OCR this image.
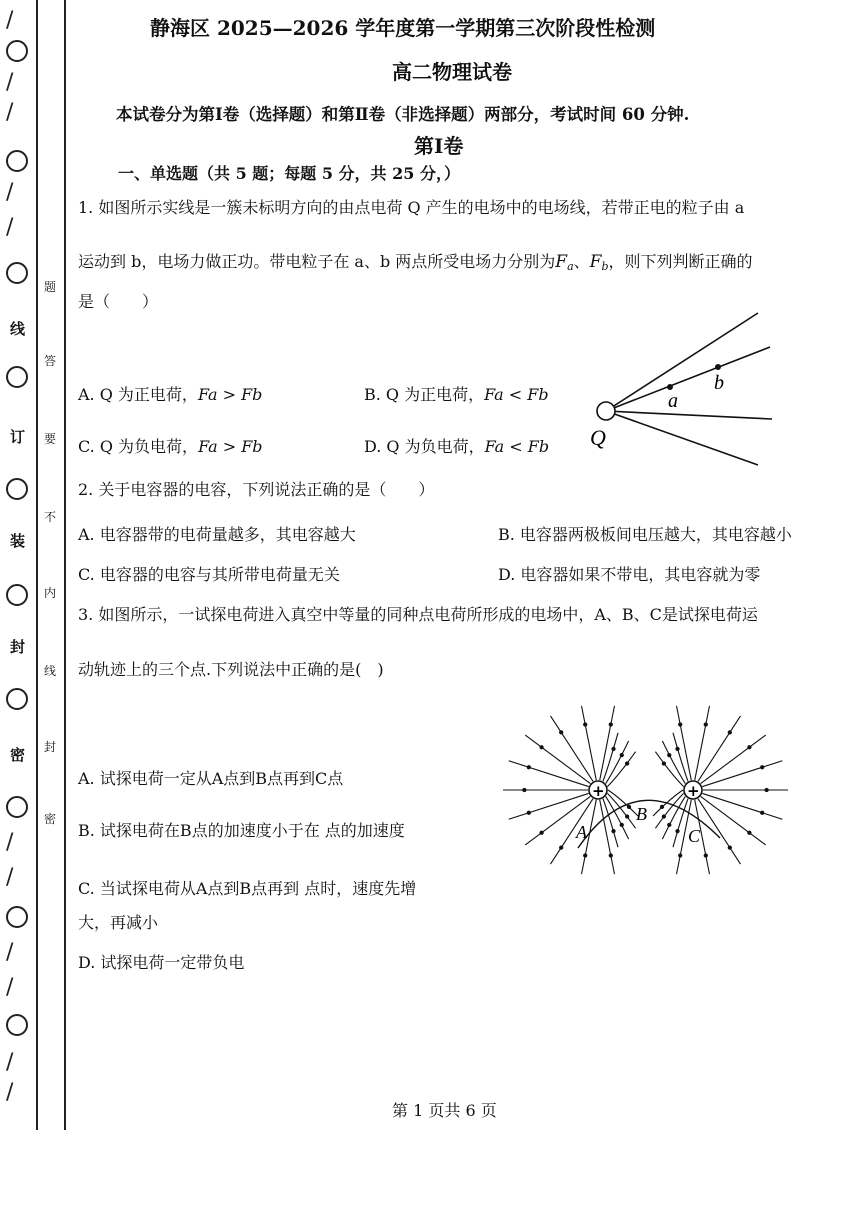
/
/
/
/
/
/
/
/
/
/
/
线
订
装
封
密
题
答
要
不
内
线
封
密
静海区 2025—2026 学年度第一学期第三次阶段性检测
高二物理试卷
本试卷分为第Ⅰ卷（选择题）和第Ⅱ卷（非选择题）两部分，考试时间 60 分钟.
第Ⅰ卷
一、单选题（共 5 题；每题 5 分，共 25 分，）
1. 如图所示实线是一簇未标明方向的由点电荷 Q 产生的电场中的电场线，若带正电的粒子由 a
运动到 b，电场力做正功。带电粒子在 a、b 两点所受电场力分别为$F_a$、$F_b$，则下列判断正确的
是（　　）
A. Q 为正电荷，Fa > Fb	B. Q 为正电荷，Fa < Fb
C. Q 为负电荷，Fa > Fb	D. Q 为负电荷，Fa < Fb
a
b
Q
2. 关于电容器的电容，下列说法正确的是（　　）
A. 电容器带的电荷量越多，其电容越大	B. 电容器两极板间电压越大，其电容越小
C. 电容器的电容与其所带电荷量无关	D. 电容器如果不带电，其电容就为零
3. 如图所示，一试探电荷进入真空中等量的同种点电荷所形成的电场中，A、B、C是试探电荷运
动轨迹上的三个点.下列说法中正确的是(　)
A. 试探电荷一定从A点到B点再到C点
B. 试探电荷在B点的加速度小于在 点的加速度
C. 当试探电荷从A点到B点再到 点时，速度先增
大，再减小
D. 试探电荷一定带负电
+	+
A
B
C
第 1 页共 6 页
